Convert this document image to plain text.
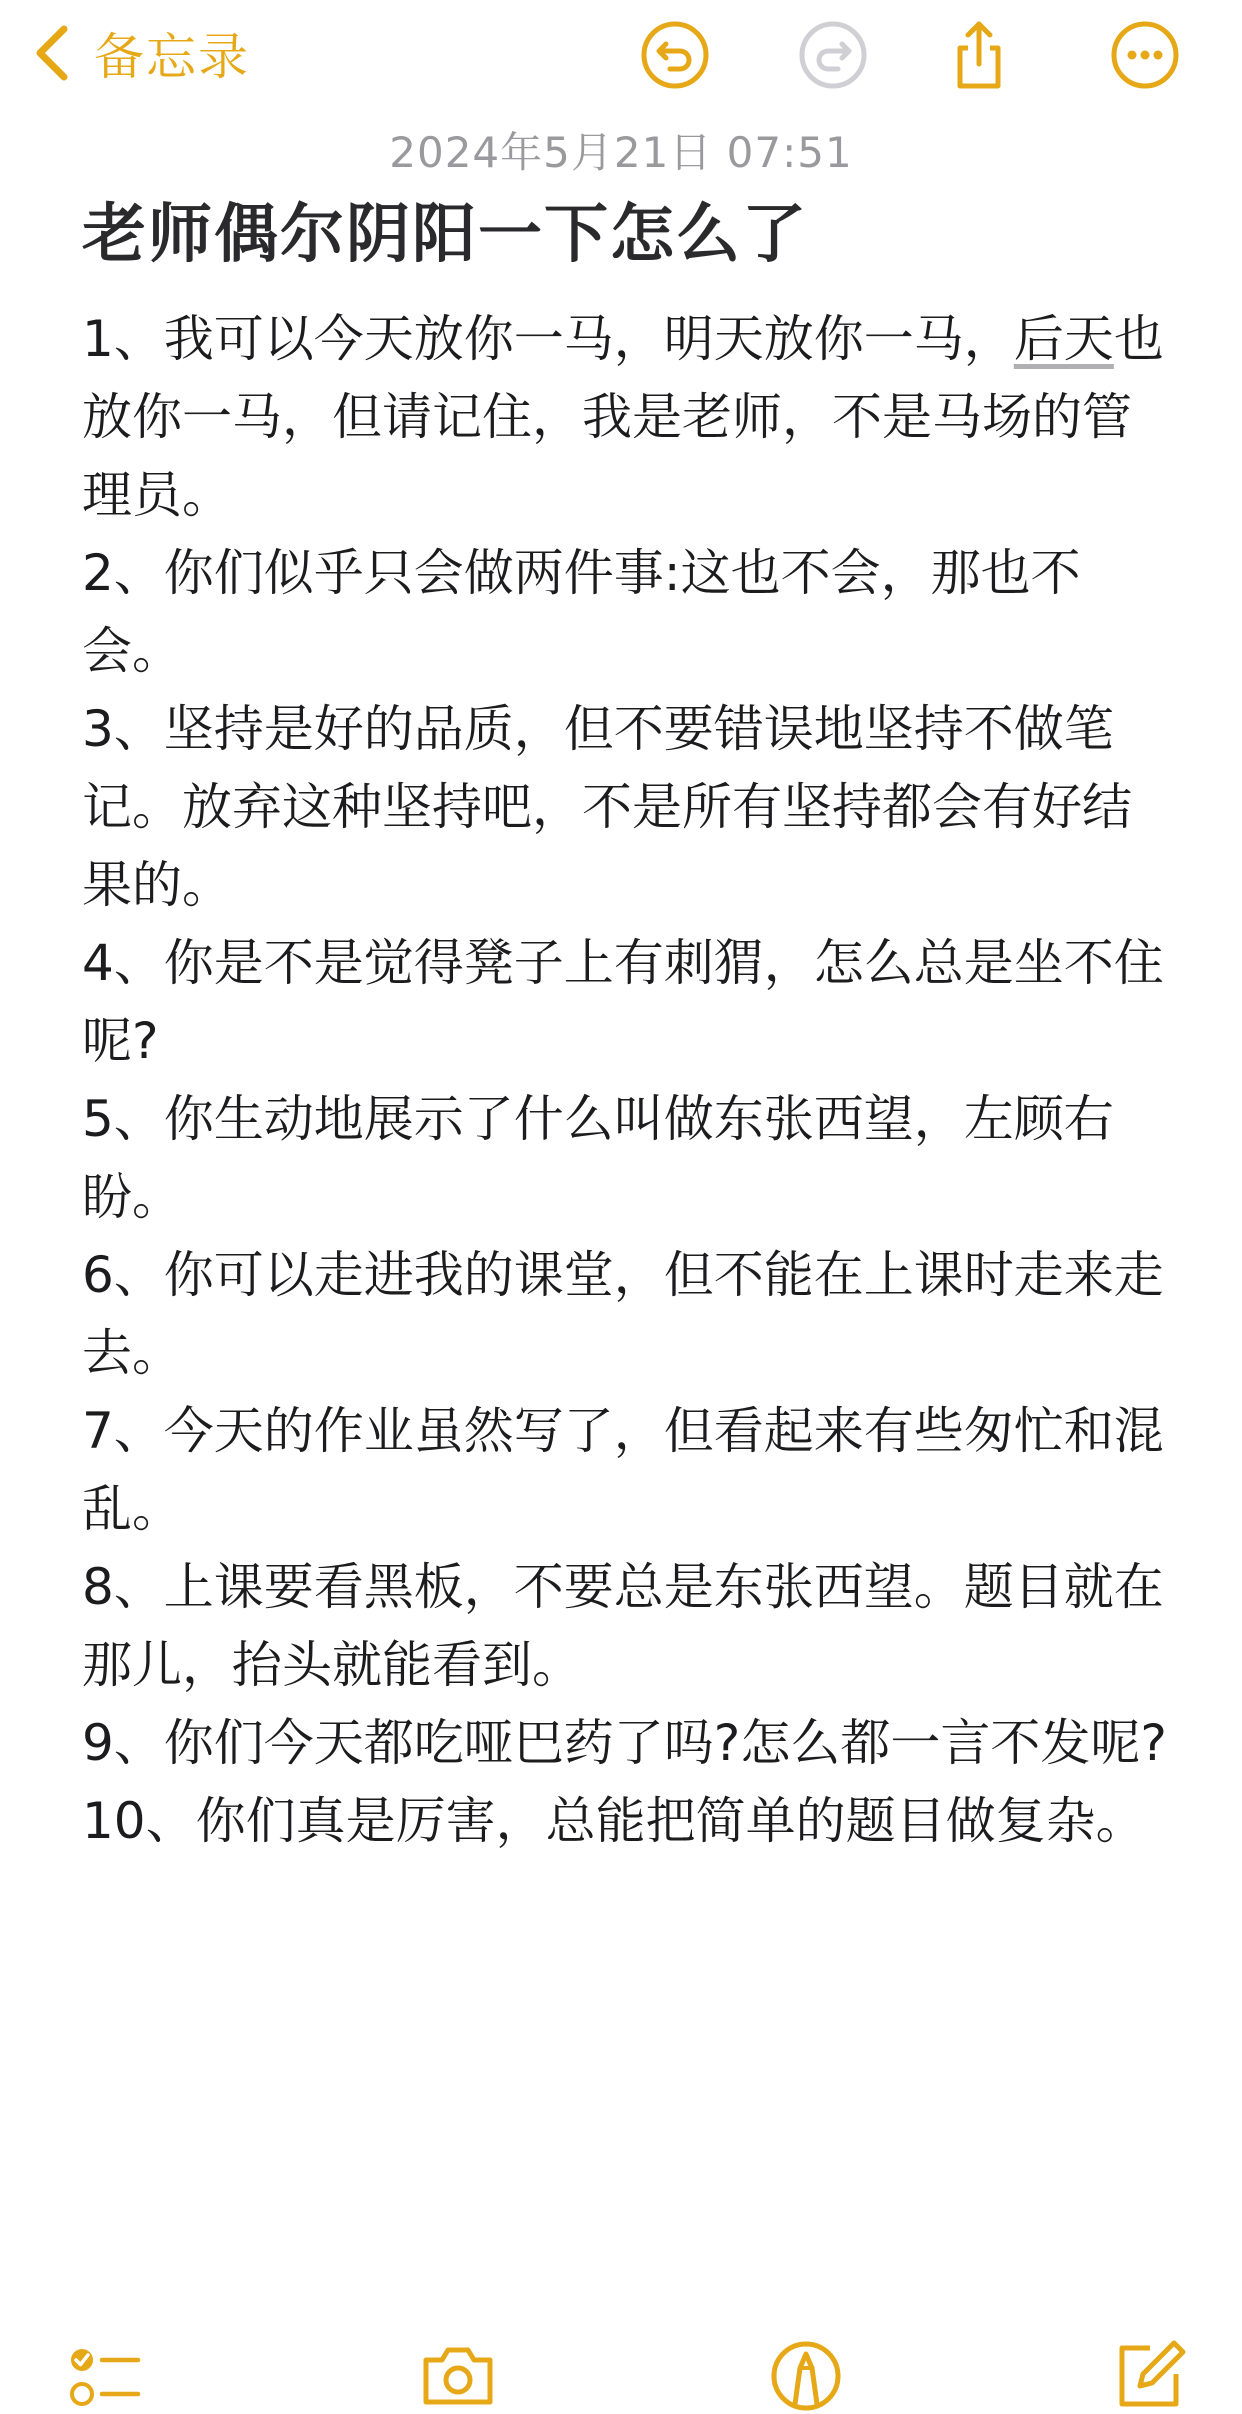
备忘录
2024年5月21日 07:51
老师偶尔阴阳一下怎么了

1、我可以今天放你一马，明天放你一马，后天也放你一马，但请记住，我是老师，不是马场的管理员。

2、你们似乎只会做两件事:这也不会，那也不会。

3、坚持是好的品质，但不要错误地坚持不做笔记。放弃这种坚持吧，不是所有坚持都会有好结果的。

4、你是不是觉得凳子上有刺猬，怎么总是坐不住呢?

5、你生动地展示了什么叫做东张西望，左顾右盼。

6、你可以走进我的课堂，但不能在上课时走来走去。

7、今天的作业虽然写了，但看起来有些匆忙和混乱。

8、上课要看黑板，不要总是东张西望。题目就在那儿，抬头就能看到。

9、你们今天都吃哑巴药了吗?怎么都一言不发呢?

10、你们真是厉害，总能把简单的题目做复杂。
